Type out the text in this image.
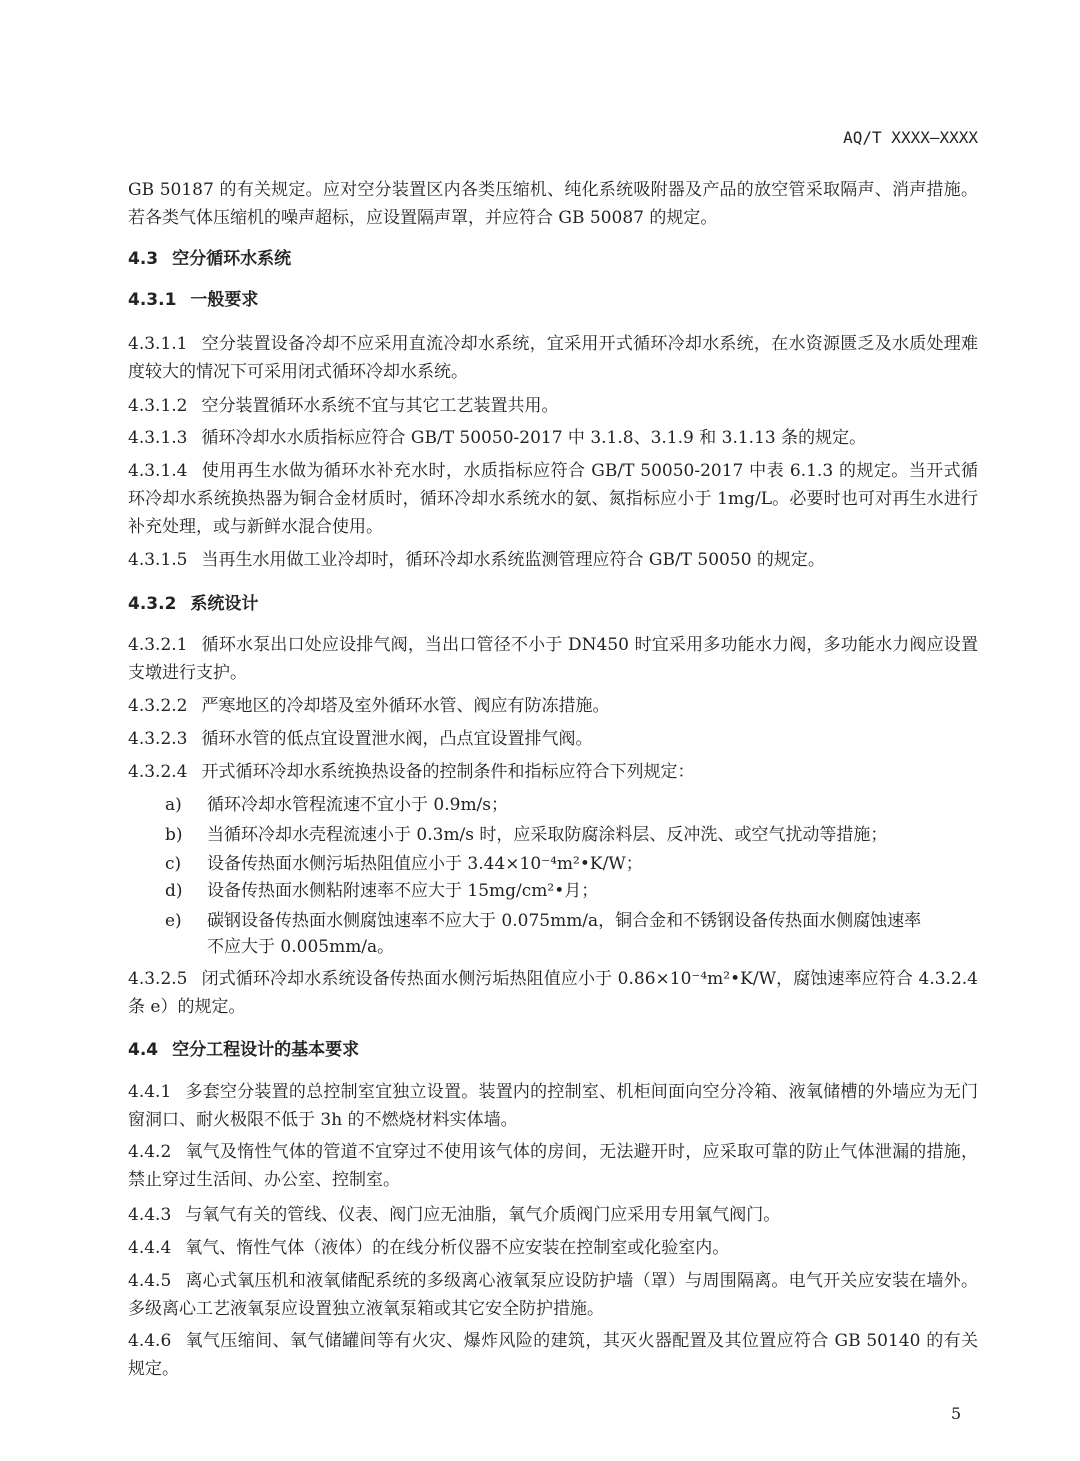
AQ/T XXXX—XXXX
GB 50187 的有关规定。应对空分装置区内各类压缩机、纯化系统吸附器及产品的放空管采取隔声、消声措施。若各类气体压缩机的噪声超标，应设置隔声罩，并应符合 GB 50087 的规定。
4.3 空分循环水系统
4.3.1 一般要求
4.3.1.1 空分装置设备冷却不应采用直流冷却水系统，宜采用开式循环冷却水系统，在水资源匮乏及水质处理难度较大的情况下可采用闭式循环冷却水系统。
4.3.1.2 空分装置循环水系统不宜与其它工艺装置共用。
4.3.1.3 循环冷却水水质指标应符合 GB/T 50050-2017 中 3.1.8、3.1.9 和 3.1.13 条的规定。
4.3.1.4 使用再生水做为循环水补充水时，水质指标应符合 GB/T 50050-2017 中表 6.1.3 的规定。当开式循环冷却水系统换热器为铜合金材质时，循环冷却水系统水的氨、氮指标应小于 1mg/L。必要时也可对再生水进行补充处理，或与新鲜水混合使用。
4.3.1.5 当再生水用做工业冷却时，循环冷却水系统监测管理应符合 GB/T 50050 的规定。
4.3.2 系统设计
4.3.2.1 循环水泵出口处应设排气阀，当出口管径不小于 DN450 时宜采用多功能水力阀，多功能水力阀应设置支墩进行支护。
4.3.2.2 严寒地区的冷却塔及室外循环水管、阀应有防冻措施。
4.3.2.3 循环水管的低点宜设置泄水阀，凸点宜设置排气阀。
4.3.2.4 开式循环冷却水系统换热设备的控制条件和指标应符合下列规定：
a) 循环冷却水管程流速不宜小于 0.9m/s；
b) 当循环冷却水壳程流速小于 0.3m/s 时，应采取防腐涂料层、反冲洗、或空气扰动等措施；
c) 设备传热面水侧污垢热阻值应小于 3.44×10⁻⁴m²•K/W；
d) 设备传热面水侧粘附速率不应大于 15mg/cm²•月；
e) 碳钢设备传热面水侧腐蚀速率不应大于 0.075mm/a，铜合金和不锈钢设备传热面水侧腐蚀速率
不应大于 0.005mm/a。
4.3.2.5 闭式循环冷却水系统设备传热面水侧污垢热阻值应小于 0.86×10⁻⁴m²•K/W，腐蚀速率应符合 4.3.2.4 条 e）的规定。
4.4 空分工程设计的基本要求
4.4.1 多套空分装置的总控制室宜独立设置。装置内的控制室、机柜间面向空分冷箱、液氧储槽的外墙应为无门窗洞口、耐火极限不低于 3h 的不燃烧材料实体墙。
4.4.2 氧气及惰性气体的管道不宜穿过不使用该气体的房间，无法避开时，应采取可靠的防止气体泄漏的措施，禁止穿过生活间、办公室、控制室。
4.4.3 与氧气有关的管线、仪表、阀门应无油脂，氧气介质阀门应采用专用氧气阀门。
4.4.4 氧气、惰性气体（液体）的在线分析仪器不应安装在控制室或化验室内。
4.4.5 离心式氧压机和液氧储配系统的多级离心液氧泵应设防护墙（罩）与周围隔离。电气开关应安装在墙外。多级离心工艺液氧泵应设置独立液氧泵箱或其它安全防护措施。
4.4.6 氧气压缩间、氧气储罐间等有火灾、爆炸风险的建筑，其灭火器配置及其位置应符合 GB 50140 的有关规定。
5
